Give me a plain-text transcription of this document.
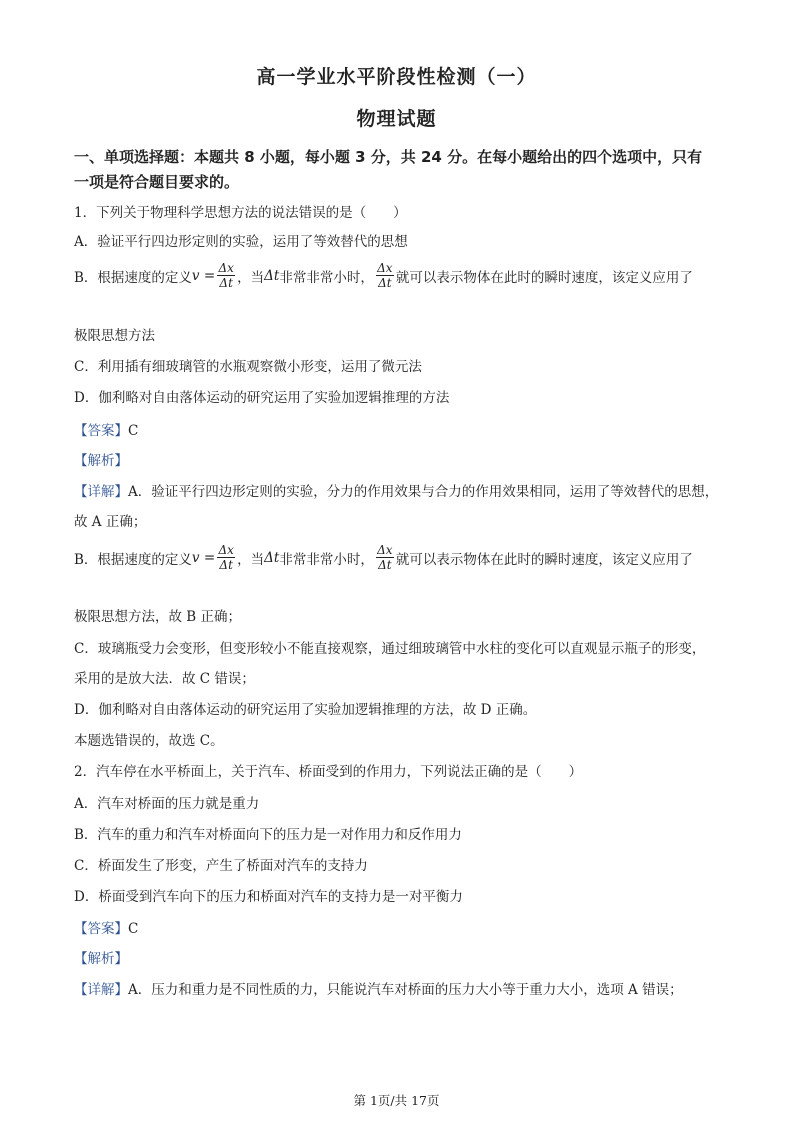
高一学业水平阶段性检测（一）
物理试题
一、单项选择题：本题共 8 小题，每小题 3 分，共 24 分。在每小题给出的四个选项中，只有
一项是符合题目要求的。
1．下列关于物理科学思想方法的说法错误的是（　　）
A．验证平行四边形定则的实验，运用了等效替代的思想
B．根据速度的定义 $v = \frac{\Delta x}{\Delta t}$ ，当 Δt 非常非常小时， $\frac{\Delta x}{\Delta t}$ 就可以表示物体在此时的瞬时速度，该定义应用了
极限思想方法
C．利用插有细玻璃管的水瓶观察微小形变，运用了微元法
D．伽利略对自由落体运动的研究运用了实验加逻辑推理的方法
【答案】C
【解析】
【详解】A．验证平行四边形定则的实验，分力的作用效果与合力的作用效果相同，运用了等效替代的思想，
故 A 正确；
B．根据速度的定义 $v = \frac{\Delta x}{\Delta t}$ ，当 Δt 非常非常小时， $\frac{\Delta x}{\Delta t}$ 就可以表示物体在此时的瞬时速度，该定义应用了
极限思想方法，故 B 正确；
C．玻璃瓶受力会变形，但变形较小不能直接观察，通过细玻璃管中水柱的变化可以直观显示瓶子的形变，
采用的是放大法．故 C 错误；
D．伽利略对自由落体运动的研究运用了实验加逻辑推理的方法，故 D 正确。
本题选错误的，故选 C。
2．汽车停在水平桥面上，关于汽车、桥面受到的作用力，下列说法正确的是（　　）
A．汽车对桥面的压力就是重力
B．汽车的重力和汽车对桥面向下的压力是一对作用力和反作用力
C．桥面发生了形变，产生了桥面对汽车的支持力
D．桥面受到汽车向下的压力和桥面对汽车的支持力是一对平衡力
【答案】C
【解析】
【详解】A．压力和重力是不同性质的力，只能说汽车对桥面的压力大小等于重力大小，选项 A 错误；
第 1页/共 17页
